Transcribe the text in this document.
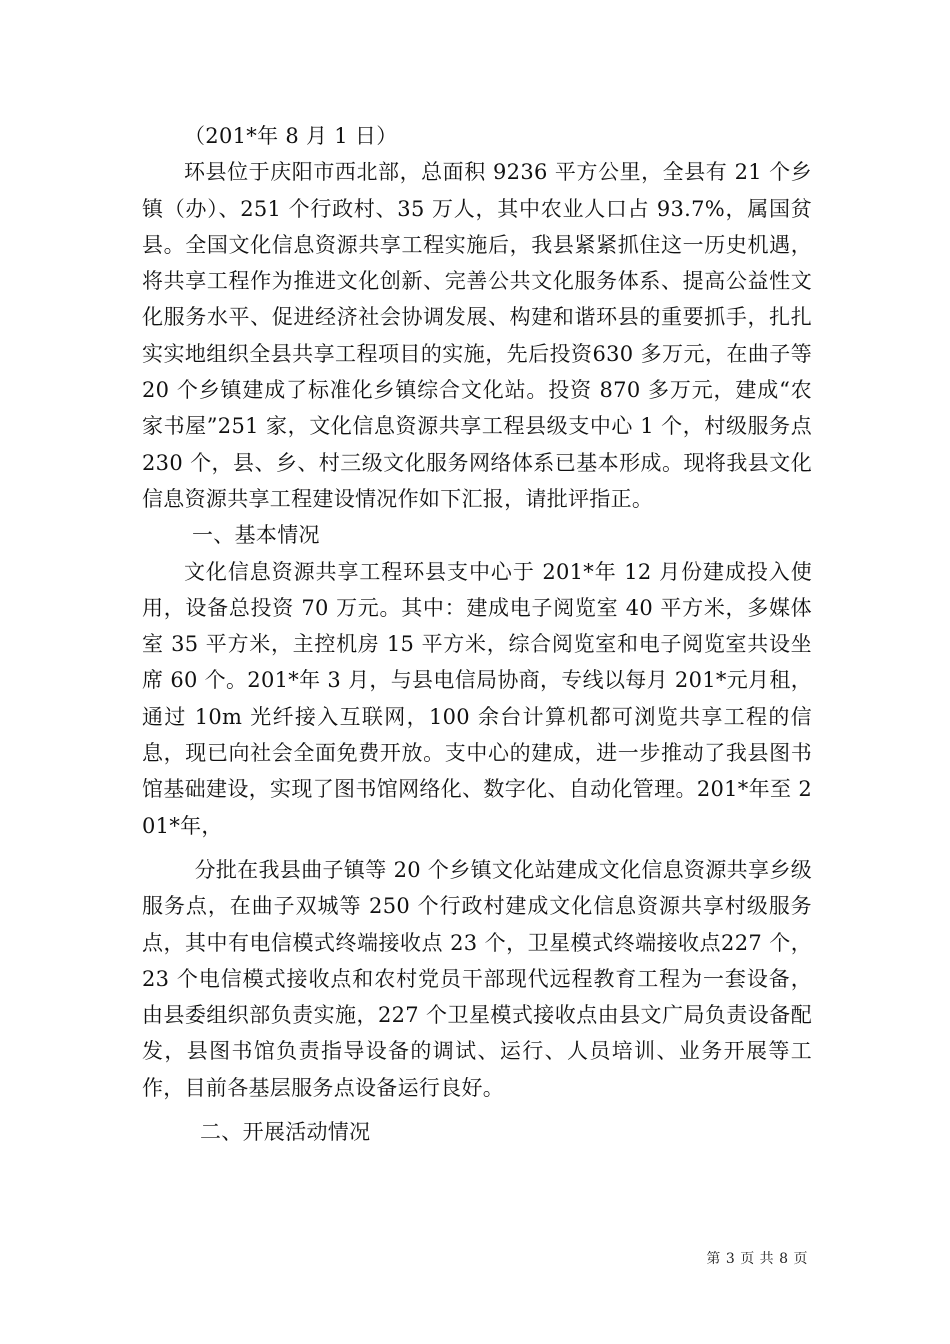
（201*年 8 月 1 日）

环县位于庆阳市西北部，总面积 9236 平方公里，全县有 21 个乡镇（办）、251 个行政村、35 万人，其中农业人口占 93.7%，属国贫县。全国文化信息资源共享工程实施后，我县紧紧抓住这一历史机遇，将共享工程作为推进文化创新、完善公共文化服务体系、提高公益性文化服务水平、促进经济社会协调发展、构建和谐环县的重要抓手，扎扎实实地组织全县共享工程项目的实施，先后投资630 多万元，在曲子等 20 个乡镇建成了标准化乡镇综合文化站。投资 870 多万元，建成“农家书屋”251 家，文化信息资源共享工程县级支中心 1 个，村级服务点 230 个，县、乡、村三级文化服务网络体系已基本形成。现将我县文化信息资源共享工程建设情况作如下汇报，请批评指正。

一、基本情况

文化信息资源共享工程环县支中心于 201*年 12 月份建成投入使用，设备总投资 70 万元。其中：建成电子阅览室 40 平方米，多媒体室 35 平方米，主控机房 15 平方米，综合阅览室和电子阅览室共设坐席 60 个。201*年 3 月，与县电信局协商，专线以每月 201*元月租，通过 10m 光纤接入互联网，100 余台计算机都可浏览共享工程的信息，现已向社会全面免费开放。支中心的建成，进一步推动了我县图书馆基础建设，实现了图书馆网络化、数字化、自动化管理。201*年至 201*年，

分批在我县曲子镇等 20 个乡镇文化站建成文化信息资源共享乡级服务点，在曲子双城等 250 个行政村建成文化信息资源共享村级服务点，其中有电信模式终端接收点 23 个，卫星模式终端接收点227 个，23 个电信模式接收点和农村党员干部现代远程教育工程为一套设备，由县委组织部负责实施，227 个卫星模式接收点由县文广局负责设备配发，县图书馆负责指导设备的调试、运行、人员培训、业务开展等工作，目前各基层服务点设备运行良好。

二、开展活动情况

第 3 页 共 8 页
